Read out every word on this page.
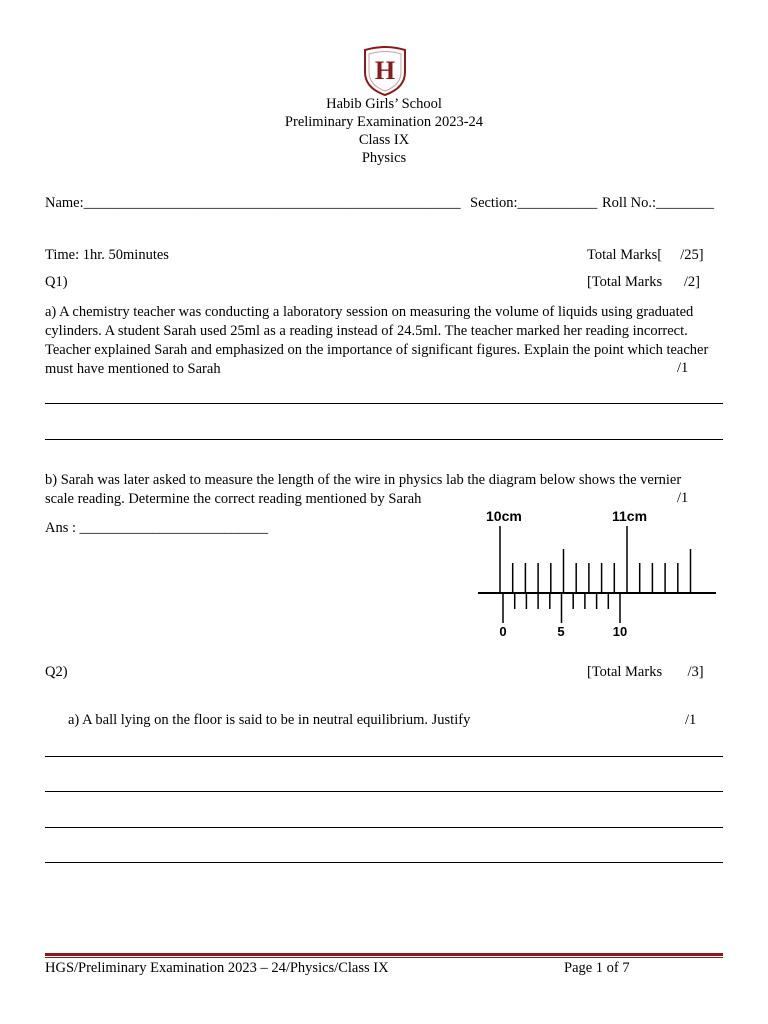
H
Habib Girls’ School
Preliminary Examination 2023-24
Class IX
Physics
Name:____________________________________________________ Section:___________ Roll No.:________
Time: 1hr. 50minutes	Total Marks[     /25]
Q1)	[Total Marks      /2]
a) A chemistry teacher was conducting a laboratory session on measuring the volume of liquids using graduated cylinders. A student Sarah used 25ml as a reading instead of 24.5ml. The teacher marked her reading incorrect. Teacher explained Sarah and emphasized on the importance of significant figures. Explain the point which teacher must have mentioned to Sarah	/1
b) Sarah was later asked to measure the length of the wire in physics lab the diagram below shows the vernier scale reading. Determine the correct reading mentioned by Sarah	/1
Ans : __________________________
10cm	11cm
0	5	10
Q2)	[Total Marks       /3]
a) A ball lying on the floor is said to be in neutral equilibrium. Justify	/1
HGS/Preliminary Examination 2023 – 24/Physics/Class IX	Page 1 of 7
